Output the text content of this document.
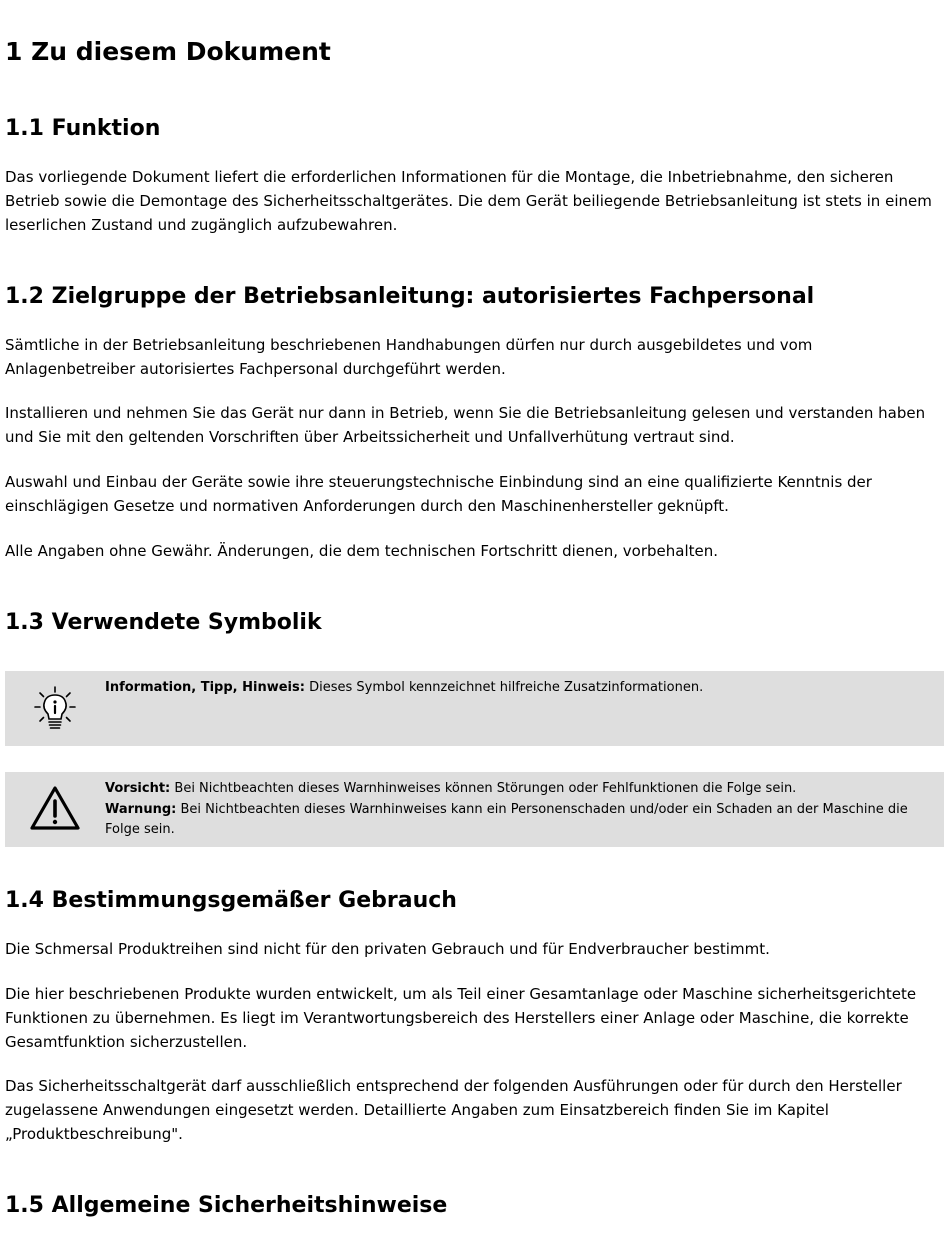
1 Zu diesem Dokument
1.1 Funktion

Das vorliegende Dokument liefert die erforderlichen Informationen für die Montage, die Inbetriebnahme, den sicheren Betrieb sowie die Demontage des Sicherheitsschaltgerätes. Die dem Gerät beiliegende Betriebsanleitung ist stets in einem leserlichen Zustand und zugänglich aufzubewahren.

1.2 Zielgruppe der Betriebsanleitung: autorisiertes Fachpersonal

Sämtliche in der Betriebsanleitung beschriebenen Handhabungen dürfen nur durch ausgebildetes und vom Anlagenbetreiber autorisiertes Fachpersonal durchgeführt werden.

Installieren und nehmen Sie das Gerät nur dann in Betrieb, wenn Sie die Betriebsanleitung gelesen und verstanden haben und Sie mit den geltenden Vorschriften über Arbeitssicherheit und Unfallverhütung vertraut sind.

Auswahl und Einbau der Geräte sowie ihre steuerungstechnische Einbindung sind an eine qualifizierte Kenntnis der einschlägigen Gesetze und normativen Anforderungen durch den Maschinenhersteller geknüpft.

Alle Angaben ohne Gewähr. Änderungen, die dem technischen Fortschritt dienen, vorbehalten.

1.3 Verwendete Symbolik
Information, Tipp, Hinweis: Dieses Symbol kennzeichnet hilfreiche Zusatzinformationen.
Vorsicht: Bei Nichtbeachten dieses Warnhinweises können Störungen oder Fehlfunktionen die Folge sein.
Warnung: Bei Nichtbeachten dieses Warnhinweises kann ein Personenschaden und/oder ein Schaden an der Maschine die Folge sein.
1.4 Bestimmungsgemäßer Gebrauch

Die Schmersal Produktreihen sind nicht für den privaten Gebrauch und für Endverbraucher bestimmt.

Die hier beschriebenen Produkte wurden entwickelt, um als Teil einer Gesamtanlage oder Maschine sicherheitsgerichtete Funktionen zu übernehmen. Es liegt im Verantwortungsbereich des Herstellers einer Anlage oder Maschine, die korrekte Gesamtfunktion sicherzustellen.

Das Sicherheitsschaltgerät darf ausschließlich entsprechend der folgenden Ausführungen oder für durch den Hersteller zugelassene Anwendungen eingesetzt werden. Detaillierte Angaben zum Einsatzbereich finden Sie im Kapitel „Produktbeschreibung".

1.5 Allgemeine Sicherheitshinweise
